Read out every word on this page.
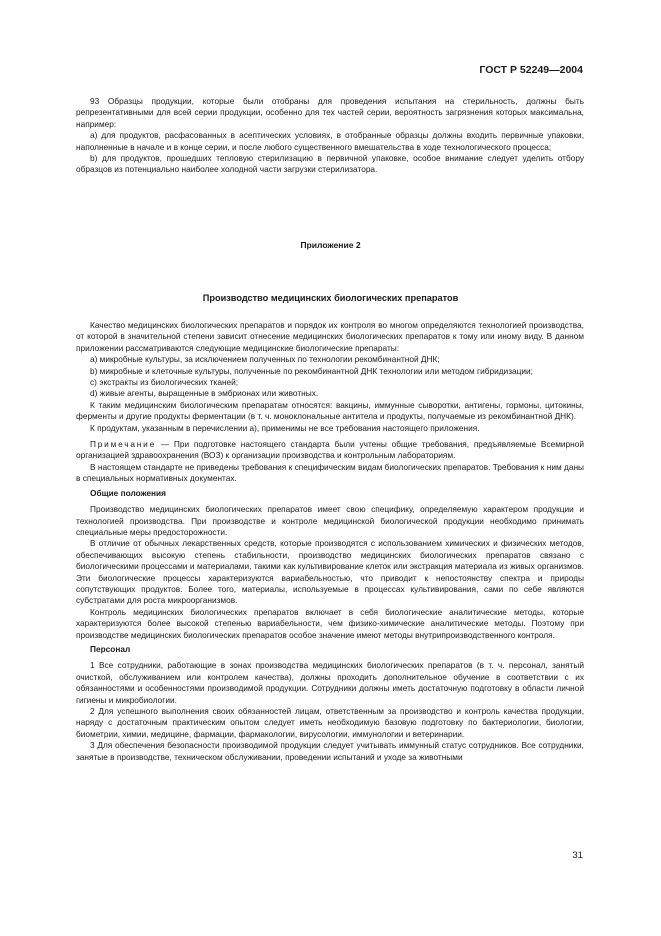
ГОСТ Р 52249—2004

93 Образцы продукции, которые были отобраны для проведения испытания на стерильность, должны быть репрезентативными для всей серии продукции, особенно для тех частей серии, вероятность загрязнения которых максимальна, например:

a) для продуктов, расфасованных в асептических условиях, в отобранные образцы должны входить первичные упаковки, наполненные в начале и в конце серии, и после любого существенного вмешательства в ходе технологического процесса;

b) для продуктов, прошедших тепловую стерилизацию в первичной упаковке, особое внимание следует уделить отбору образцов из потенциально наиболее холодной части загрузки стерилизатора.

Приложение 2
Производство медицинских биологических препаратов

Качество медицинских биологических препаратов и порядок их контроля во многом определяются технологией производства, от которой в значительной степени зависит отнесение медицинских биологических препаратов к тому или иному виду. В данном приложении рассматриваются следующие медицинские биологические препараты:

a) микробные культуры, за исключением полученных по технологии рекомбинантной ДНК;

b) микробные и клеточные культуры, полученные по рекомбинантной ДНК технологии или методом гибридизации;

c) экстракты из биологических тканей;

d) живые агенты, выращенные в эмбрионах или животных.

К таким медицинским биологическим препаратам относятся: вакцины, иммунные сыворотки, антигены, гормоны, цитокины, ферменты и другие продукты ферментации (в т. ч. моноклональные антитела и продукты, получаемые из рекомбинантной ДНК).

К продуктам, указанным в перечислении а), применимы не все требования настоящего приложения.

Примечание — При подготовке настоящего стандарта были учтены общие требования, предъявляемые Всемирной организацией здравоохранения (ВОЗ) к организации производства и контрольным лабораториям.

В настоящем стандарте не приведены требования к специфическим видам биологических препаратов. Требования к ним даны в специальных нормативных документах.

Общие положения

Производство медицинских биологических препаратов имеет свою специфику, определяемую характером продукции и технологией производства. При производстве и контроле медицинской биологической продукции необходимо принимать специальные меры предосторожности.

В отличие от обычных лекарственных средств, которые производятся с использованием химических и физических методов, обеспечивающих высокую степень стабильности, производство медицинских биологических препаратов связано с биологическими процессами и материалами, такими как культивирование клеток или экстракция материала из живых организмов. Эти биологические процессы характеризуются вариабельностью, что приводит к непостоянству спектра и природы сопутствующих продуктов. Более того, материалы, используемые в процессах культивирования, сами по себе являются субстратами для роста микроорганизмов.

Контроль медицинских биологических препаратов включает в себя биологические аналитические методы, которые характеризуются более высокой степенью вариабельности, чем физико-химические аналитические методы. Поэтому при производстве медицинских биологических препаратов особое значение имеют методы внутрипроизводственного контроля.

Персонал

1 Все сотрудники, работающие в зонах производства медицинских биологических препаратов (в т. ч. персонал, занятый очисткой, обслуживанием или контролем качества), должны проходить дополнительное обучение в соответствии с их обязанностями и особенностями производимой продукции. Сотрудники должны иметь достаточную подготовку в области личной гигиены и микробиологии.

2 Для успешного выполнения своих обязанностей лицам, ответственным за производство и контроль качества продукции, наряду с достаточным практическим опытом следует иметь необходимую базовую подготовку по бактериологии, биологии, биометрии, химии, медицине, фармации, фармакологии, вирусологии, иммунологии и ветеринарии.

3 Для обеспечения безопасности производимой продукции следует учитывать иммунный статус сотрудников. Все сотрудники, занятые в производстве, техническом обслуживании, проведении испытаний и уходе за животными

31
